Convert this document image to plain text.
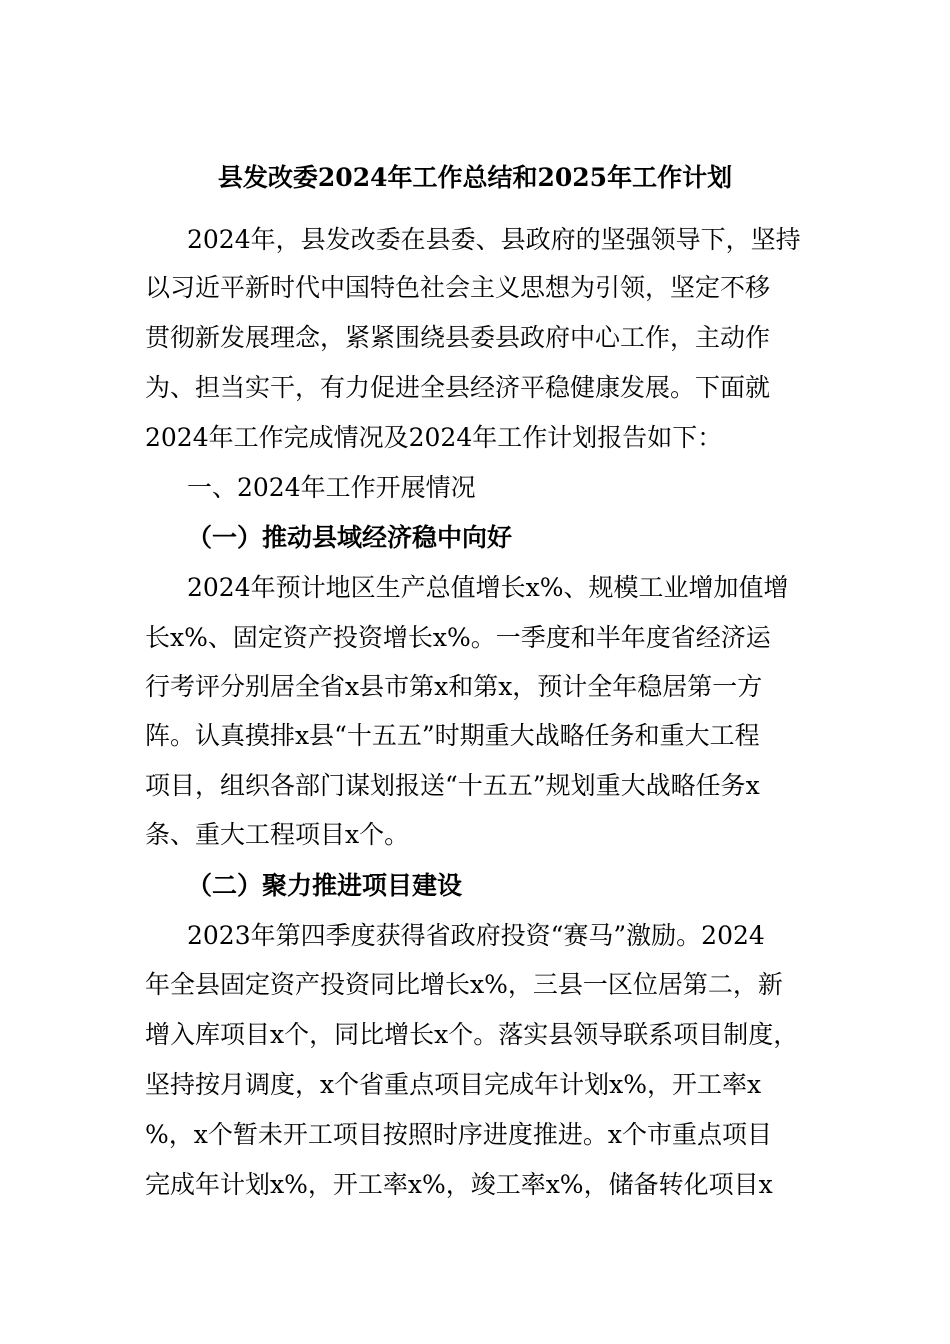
县发改委2024年工作总结和2025年工作计划
2024年，县发改委在县委、县政府的坚强领导下，坚持
以习近平新时代中国特色社会主义思想为引领，坚定不移
贯彻新发展理念，紧紧围绕县委县政府中心工作，主动作
为、担当实干，有力促进全县经济平稳健康发展。下面就
2024年工作完成情况及2024年工作计划报告如下：
一、2024年工作开展情况
（一）推动县域经济稳中向好
2024年预计地区生产总值增长x%、规模工业增加值增
长x%、固定资产投资增长x%。一季度和半年度省经济运
行考评分别居全省x县市第x和第x，预计全年稳居第一方
阵。认真摸排x县“十五五”时期重大战略任务和重大工程
项目，组织各部门谋划报送“十五五”规划重大战略任务x
条、重大工程项目x个。
（二）聚力推进项目建设
2023年第四季度获得省政府投资“赛马”激励。2024
年全县固定资产投资同比增长x%，三县一区位居第二，新
增入库项目x个，同比增长x个。落实县领导联系项目制度，
坚持按月调度，x个省重点项目完成年计划x%，开工率x
%，x个暂未开工项目按照时序进度推进。x个市重点项目
完成年计划x%，开工率x%，竣工率x%，储备转化项目x
